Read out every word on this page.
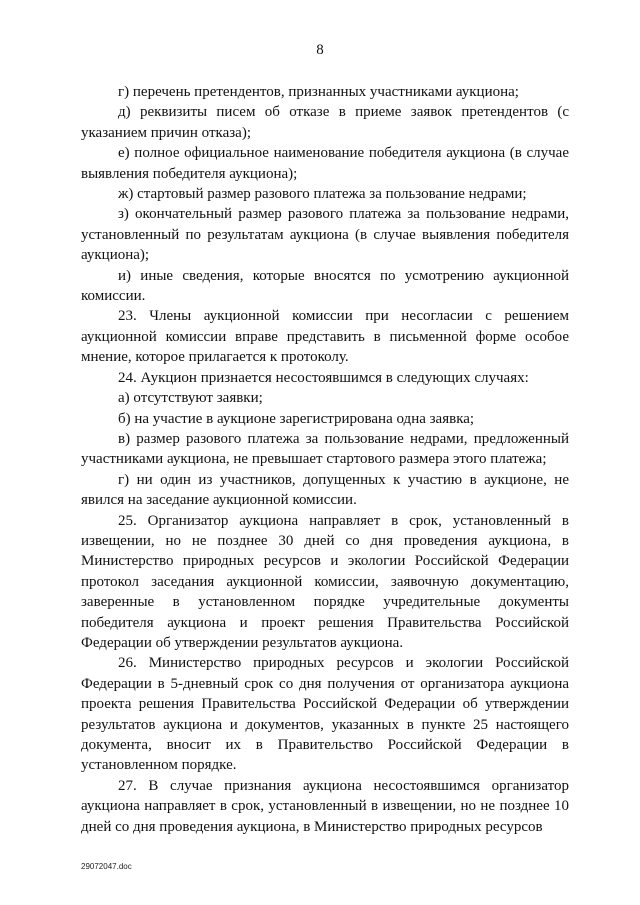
8

г) перечень претендентов, признанных участниками аукциона;

д) реквизиты писем об отказе в приеме заявок претендентов (с указанием причин отказа);

е) полное официальное наименование победителя аукциона (в случае выявления победителя аукциона);

ж) стартовый размер разового платежа за пользование недрами;

з) окончательный размер разового платежа за пользование недрами, установленный по результатам аукциона (в случае выявления победителя аукциона);

и) иные сведения, которые вносятся по усмотрению аукционной комиссии.

23. Члены аукционной комиссии при несогласии с решением аукционной комиссии вправе представить в письменной форме особое мнение, которое прилагается к протоколу.

24. Аукцион признается несостоявшимся в следующих случаях:

а) отсутствуют заявки;

б) на участие в аукционе зарегистрирована одна заявка;

в) размер разового платежа за пользование недрами, предложенный участниками аукциона, не превышает стартового размера этого платежа;

г) ни один из участников, допущенных к участию в аукционе, не явился на заседание аукционной комиссии.

25. Организатор аукциона направляет в срок, установленный в извещении, но не позднее 30 дней со дня проведения аукциона, в Министерство природных ресурсов и экологии Российской Федерации протокол заседания аукционной комиссии, заявочную документацию, заверенные в установленном порядке учредительные документы победителя аукциона и проект решения Правительства Российской Федерации об утверждении результатов аукциона.

26. Министерство природных ресурсов и экологии Российской Федерации в 5-дневный срок со дня получения от организатора аукциона проекта решения Правительства Российской Федерации об утверждении результатов аукциона и документов, указанных в пункте 25 настоящего документа, вносит их в Правительство Российской Федерации в установленном порядке.

27. В случае признания аукциона несостоявшимся организатор аукциона направляет в срок, установленный в извещении, но не позднее 10 дней со дня проведения аукциона, в Министерство природных ресурсов

29072047.doc
